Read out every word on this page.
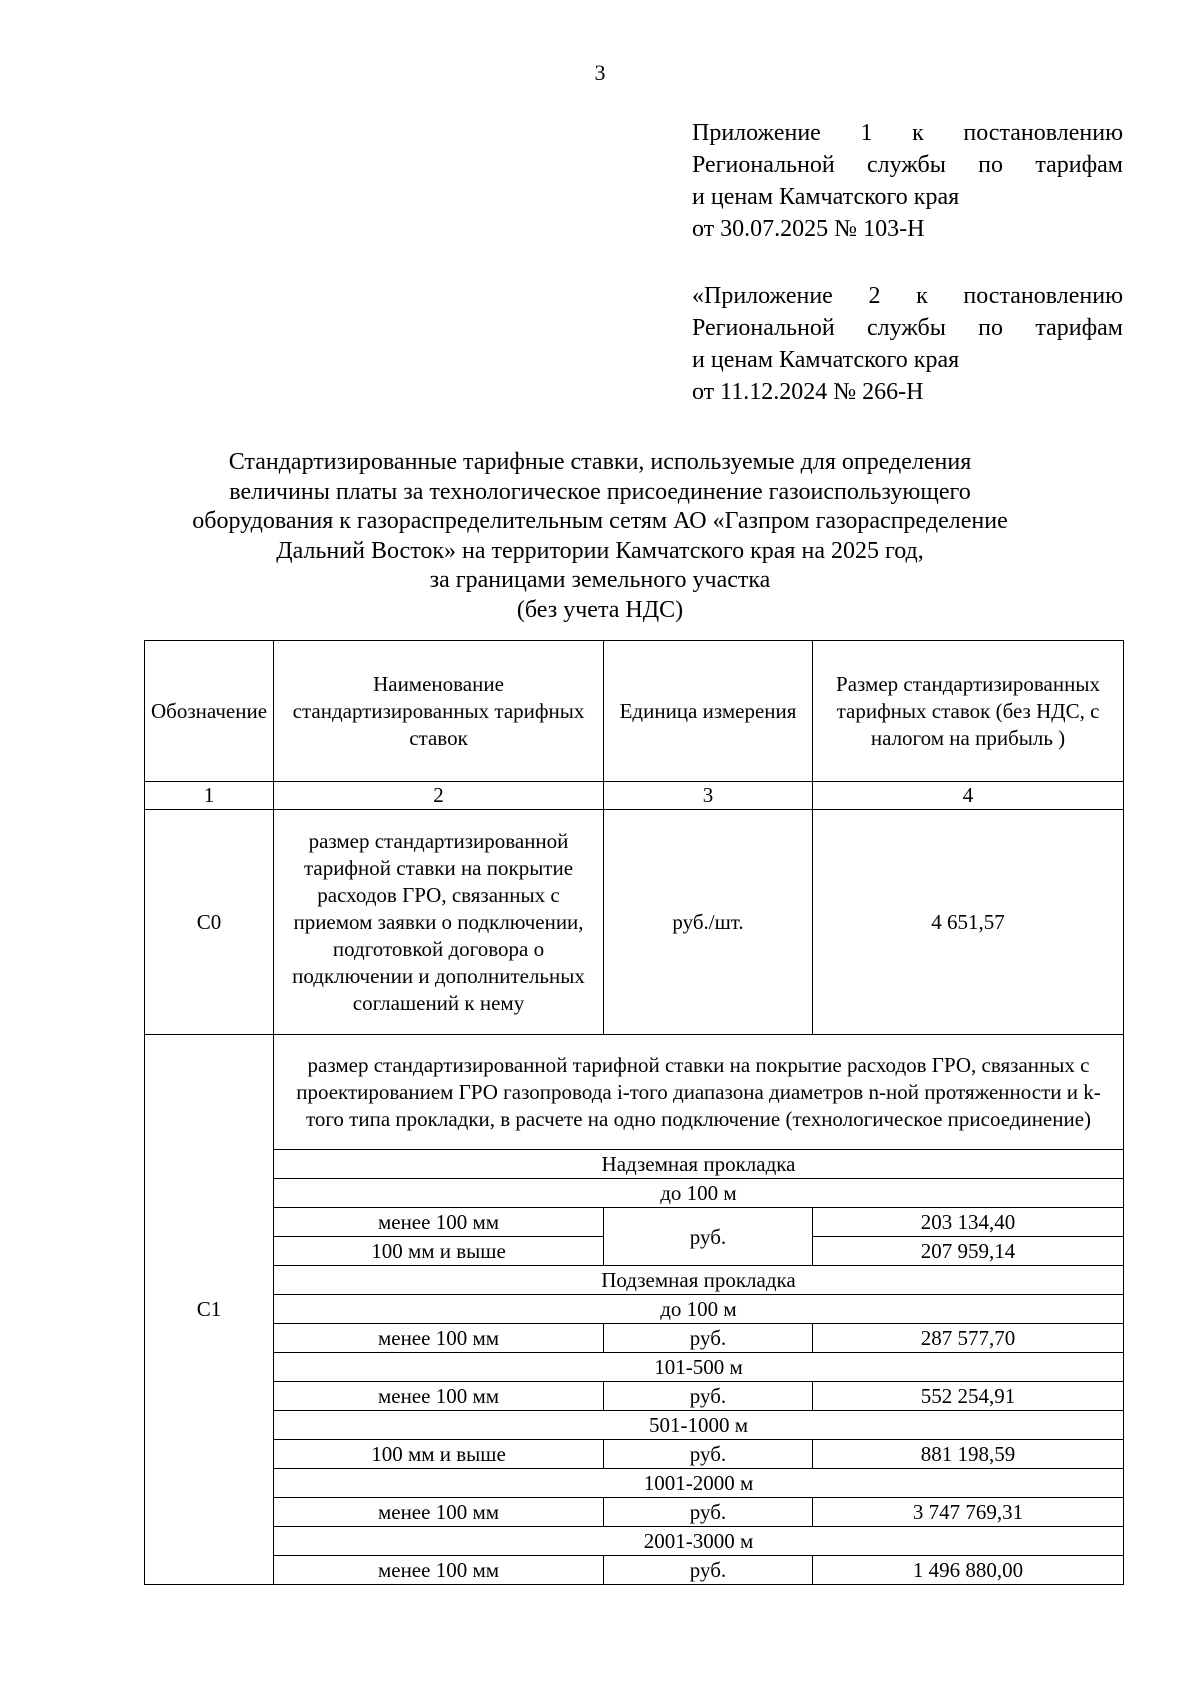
3
Приложение 1 к постановлению
Региональной службы по тарифам
и ценам Камчатского края
от 30.07.2025 № 103-Н
«Приложение 2 к постановлению
Региональной службы по тарифам
и ценам Камчатского края
от 11.12.2024 № 266-Н
Стандартизированные тарифные ставки, используемые для определения
величины платы за технологическое присоединение газоиспользующего
оборудования к газораспределительным сетям АО «Газпром газораспределение
Дальний Восток» на территории Камчатского края на 2025 год,
за границами земельного участка
(без учета НДС)
Обозначение	Наименование стандартизированных тарифных ставок	Единица измерения	Размер стандартизированных тарифных ставок (без НДС, с налогом на прибыль )
1	2	3	4
С0	размер стандартизированной тарифной ставки на покрытие расходов ГРО, связанных с приемом заявки о подключении, подготовкой договора о подключении и дополнительных соглашений к нему	руб./шт.	4 651,57
С1	размер стандартизированной тарифной ставки на покрытие расходов ГРО, связанных с проектированием ГРО газопровода i-того диапазона диаметров n-ной протяженности и k-того типа прокладки, в расчете на одно подключение (технологическое присоединение)		
	Надземная прокладка		
	до 100 м		
	менее 100 мм	руб.	203 134,40
	100 мм и выше		207 959,14
	Подземная прокладка		
	до 100 м		
	менее 100 мм	руб.	287 577,70
	101-500 м		
	менее 100 мм	руб.	552 254,91
	501-1000 м		
	100 мм и выше	руб.	881 198,59
	1001-2000 м		
	менее 100 мм	руб.	3 747 769,31
	2001-3000 м		
	менее 100 мм	руб.	1 496 880,00
